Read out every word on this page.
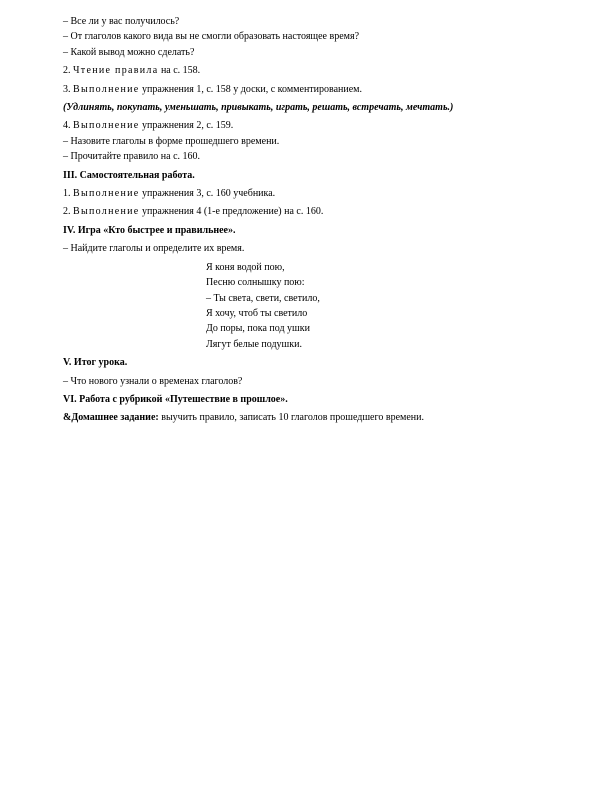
– Все ли у вас получилось?
– От глаголов какого вида вы не смогли образовать настоящее время?
– Какой вывод можно сделать?
2. Чтение правила на с. 158.
3. Выполнение упражнения 1, с. 158 у доски, с комментированием.
(Удлинять, покупать, уменьшать, привыкать, играть, решать, встречать, мечтать.)
4. Выполнение упражнения 2, с. 159.
– Назовите глаголы в форме прошедшего времени.
– Прочитайте правило на с. 160.
III. Самостоятельная работа.
1. Выполнение упражнения 3, с. 160 учебника.
2. Выполнение упражнения 4 (1-е предложение) на с. 160.
IV. Игра «Кто быстрее и правильнее».
– Найдите глаголы и определите их время.
Я коня водой пою,
Песню солнышку пою:
– Ты света, свети, светило,
Я хочу, чтоб ты светило
До поры, пока под ушки
Лягут белые подушки.
V. Итог урока.
– Что нового узнали о временах глаголов?
VI. Работа с рубрикой «Путешествие в прошлое».
&Домашнее задание: выучить правило, записать 10 глаголов прошедшего времени.
